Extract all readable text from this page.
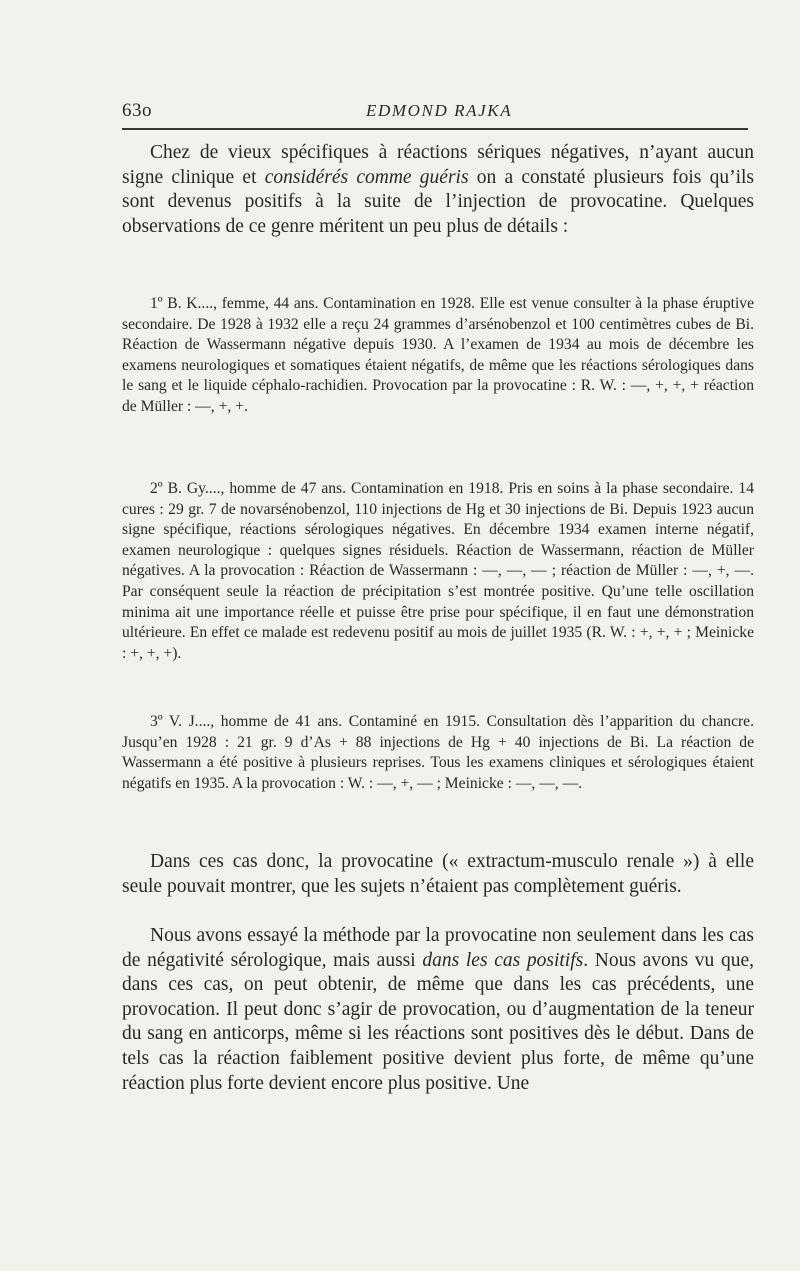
63o	EDMOND RAJKA

Chez de vieux spécifiques à réactions sériques négatives, n’ayant aucun signe clinique et considérés comme guéris on a constaté plusieurs fois qu’ils sont devenus positifs à la suite de l’injection de provocatine. Quelques observations de ce genre méritent un peu plus de détails :

1º B. K...., femme, 44 ans. Contamination en 1928. Elle est venue consulter à la phase éruptive secondaire. De 1928 à 1932 elle a reçu 24 grammes d’arsénobenzol et 100 centimètres cubes de Bi. Réaction de Wassermann négative depuis 1930. A l’examen de 1934 au mois de décembre les examens neurologiques et somatiques étaient négatifs, de même que les réactions sérologiques dans le sang et le liquide céphalo-rachidien. Provocation par la provocatine : R. W. : —, +, +, + réaction de Müller : —, +, +.

2º B. Gy...., homme de 47 ans. Contamination en 1918. Pris en soins à la phase secondaire. 14 cures : 29 gr. 7 de novarsénobenzol, 110 injections de Hg et 30 injections de Bi. Depuis 1923 aucun signe spécifique, réactions sérologiques négatives. En décembre 1934 examen interne négatif, examen neurologique : quelques signes résiduels. Réaction de Wassermann, réaction de Müller négatives. A la provocation : Réaction de Wassermann : —, —, — ; réaction de Müller : —, +, —. Par conséquent seule la réaction de précipitation s’est montrée positive. Qu’une telle oscillation minima ait une importance réelle et puisse être prise pour spécifique, il en faut une démonstration ultérieure. En effet ce malade est redevenu positif au mois de juillet 1935 (R. W. : +, +, + ; Meinicke : +, +, +).

3º V. J...., homme de 41 ans. Contaminé en 1915. Consultation dès l’apparition du chancre. Jusqu’en 1928 : 21 gr. 9 d’As + 88 injections de Hg + 40 injections de Bi. La réaction de Wassermann a été positive à plusieurs reprises. Tous les examens cliniques et sérologiques étaient négatifs en 1935. A la provocation : W. : —, +, — ; Meinicke : —, —, —.

Dans ces cas donc, la provocatine (« extractum-musculo renale ») à elle seule pouvait montrer, que les sujets n’étaient pas complètement guéris.

Nous avons essayé la méthode par la provocatine non seulement dans les cas de négativité sérologique, mais aussi dans les cas positifs. Nous avons vu que, dans ces cas, on peut obtenir, de même que dans les cas précédents, une provocation. Il peut donc s’agir de provocation, ou d’augmentation de la teneur du sang en anticorps, même si les réactions sont positives dès le début. Dans de tels cas la réaction faiblement positive devient plus forte, de même qu’une réaction plus forte devient encore plus positive. Une
